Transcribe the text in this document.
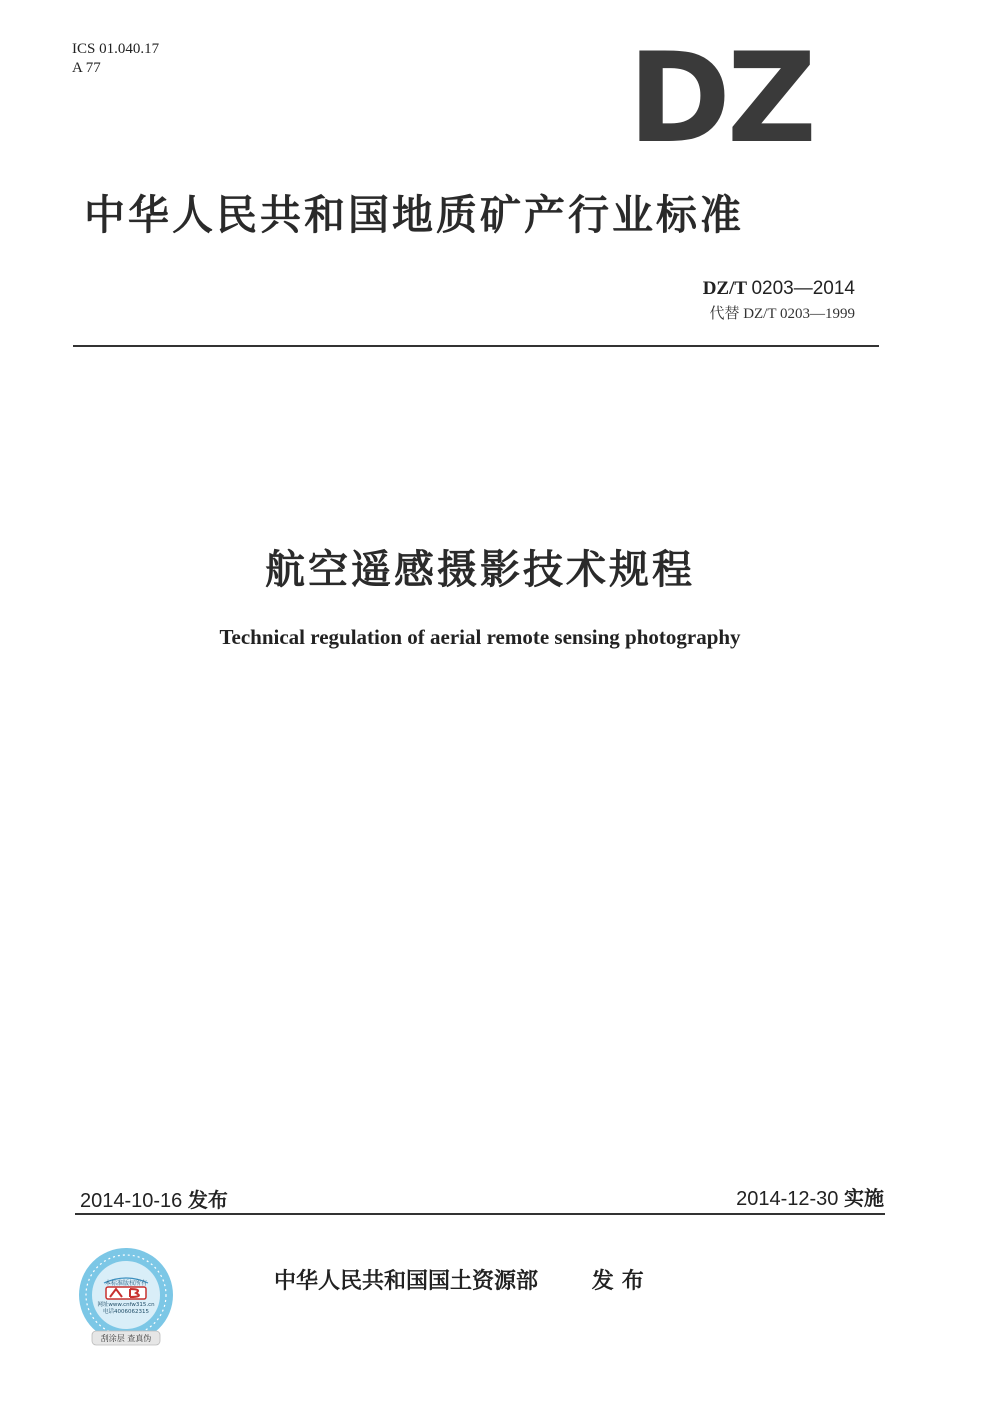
ICS 01.040.17
A 77	DZ
中华人民共和国地质矿产行业标准
DZ/T 0203—2014
代替 DZ/T 0203—1999
航空遥感摄影技术规程
Technical regulation of aerial remote sensing photography
2014-10-16 发布	2014-12-30 实施
本标准版权所有
网址www.cnfw315.cn
电话4006062315
刮涂层 查真伪
中华人民共和国国土资源部 发布
